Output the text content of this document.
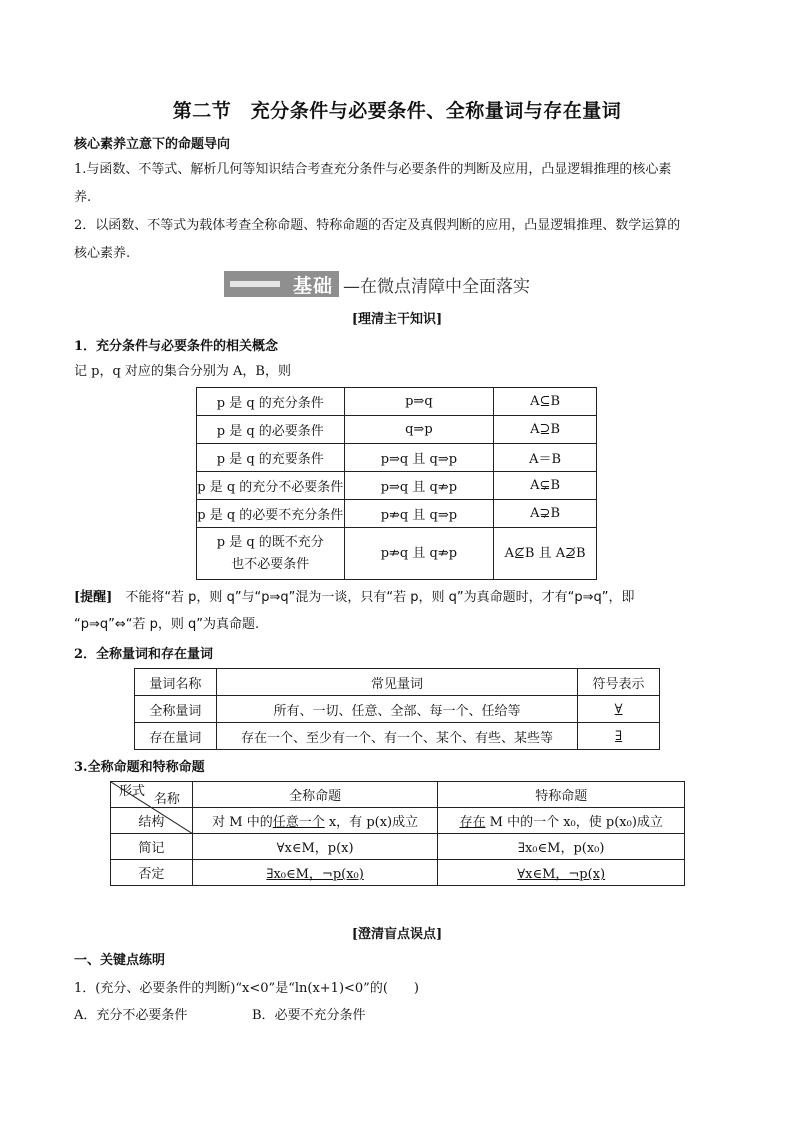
第二节　充分条件与必要条件、全称量词与存在量词
核心素养立意下的命题导向
1.与函数、不等式、解析几何等知识结合考查充分条件与必要条件的判断及应用，凸显逻辑推理的核心素
养.
2．以函数、不等式为载体考查全称命题、特称命题的否定及真假判断的应用，凸显逻辑推理、数学运算的
核心素养.
基础 —在微点清障中全面落实
[理清主干知识]
1．充分条件与必要条件的相关概念
记 p，q 对应的集合分别为 A，B，则
p 是 q 的充分条件	p⇒q	A⊆B
p 是 q 的必要条件	q⇒p	A⊇B
p 是 q 的充要条件	p⇒q 且 q⇒p	A＝B
p 是 q 的充分不必要条件	p⇒q 且 q⇏p	A⊊B
p 是 q 的必要不充分条件	p⇏q 且 q⇒p	A⊋B

p 是 q 的既不充分
也不必要条件	p⇏q 且 q⇏p	A⊈B 且 A⊉B
[提醒]　不能将“若 p，则 q”与“p⇒q”混为一谈，只有“若 p，则 q”为真命题时，才有“p⇒q”，即
“p⇒q”⇔“若 p，则 q”为真命题.
2．全称量词和存在量词
量词名称	常见量词	符号表示
全称量词	所有、一切、任意、全部、每一个、任给等	∀
存在量词	存在一个、至少有一个、有一个、某个、有些、某些等	∃
3.全称命题和特称命题
名称
形式	全称命题	特称命题
结构	对 M 中的任意一个 x，有 p(x)成立	存在 M 中的一个 x₀，使 p(x₀)成立
简记	∀x∈M，p(x)	∃x₀∈M，p(x₀)
否定	∃x₀∈M，¬p(x₀)	∀x∈M，¬p(x)
[澄清盲点误点]
一、关键点练明
1．(充分、必要条件的判断)“x<0”是“ln(x+1)<0”的(　　)
A．充分不必要条件	B．必要不充分条件
